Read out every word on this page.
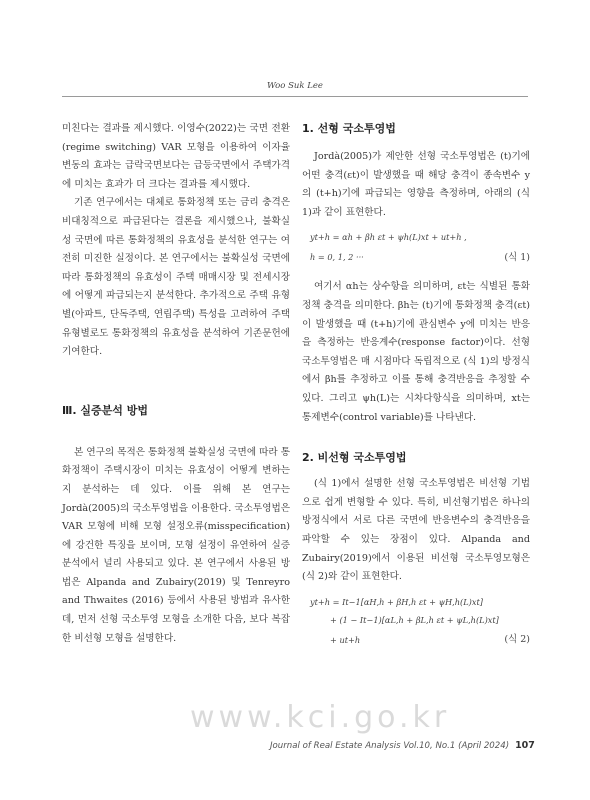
Woo Suk Lee

미친다는 결과를 제시했다. 이영수(2022)는 국면 전환(regime switching) VAR 모형을 이용하여 이자율 변동의 효과는 급락국면보다는 급등국면에서 주택가격에 미치는 효과가 더 크다는 결과를 제시했다.

기존 연구에서는 대체로 통화정책 또는 금리 충격은 비대칭적으로 파급된다는 결론을 제시했으나, 불확실성 국면에 따른 통화정책의 유효성을 분석한 연구는 여전히 미진한 실정이다. 본 연구에서는 불확실성 국면에 따라 통화정책의 유효성이 주택 매매시장 및 전세시장에 어떻게 파급되는지 분석한다. 추가적으로 주택 유형별(아파트, 단독주택, 연립주택) 특성을 고려하여 주택 유형별로도 통화정책의 유효성을 분석하여 기존문헌에 기여한다.

Ⅲ. 실증분석 방법

본 연구의 목적은 통화정책 불확실성 국면에 따라 통화정책이 주택시장이 미치는 유효성이 어떻게 변하는지 분석하는 데 있다. 이를 위해 본 연구는 Jordà(2005)의 국소투영법을 이용한다. 국소투영법은 VAR 모형에 비해 모형 설정오류(misspecification)에 강건한 특징을 보이며, 모형 설정이 유연하여 실증분석에서 널리 사용되고 있다. 본 연구에서 사용된 방법은 Alpanda and Zubairy(2019) 및 Tenreyro and Thwaites (2016) 등에서 사용된 방법과 유사한데, 먼저 선형 국소투영 모형을 소개한 다음, 보다 복잡한 비선형 모형을 설명한다.

1. 선형 국소투영법

Jordà(2005)가 제안한 선형 국소투영법은 (t)기에 어떤 충격(εt)이 발생했을 때 해당 충격이 종속변수 y의 (t+h)기에 파급되는 영향을 측정하며, 아래의 (식 1)과 같이 표현한다.

yt+h = αh + βh εt + ψh(L)xt + ut+h ,
h = 0, 1, 2 ···	(식 1)

여기서 αh는 상수항을 의미하며, εt는 식별된 통화정책 충격을 의미한다. βh는 (t)기에 통화정책 충격(εt)이 발생했을 때 (t+h)기에 관심변수 y에 미치는 반응을 측정하는 반응계수(response factor)이다. 선형 국소투영법은 매 시점마다 독립적으로 (식 1)의 방정식에서 βh를 추정하고 이를 통해 충격반응을 추정할 수 있다. 그리고 ψh(L)는 시차다항식을 의미하며, xt는 통제변수(control variable)를 나타낸다.

2. 비선형 국소투영법

(식 1)에서 설명한 선형 국소투영법은 비선형 기법으로 쉽게 변형할 수 있다. 특히, 비선형기법은 하나의 방정식에서 서로 다른 국면에 반응변수의 충격반응을 파악할 수 있는 장점이 있다. Alpanda and Zubairy(2019)에서 이용된 비선형 국소투영모형은 (식 2)와 같이 표현한다.

yt+h = It−1[αH,h + βH,h εt + ψH,h(L)xt]
+ (1 − It−1)[αL,h + βL,h εt + ψL,h(L)xt]
+ ut+h	(식 2)
www.kci.go.kr
Journal of Real Estate Analysis Vol.10, No.1 (April 2024) 107
